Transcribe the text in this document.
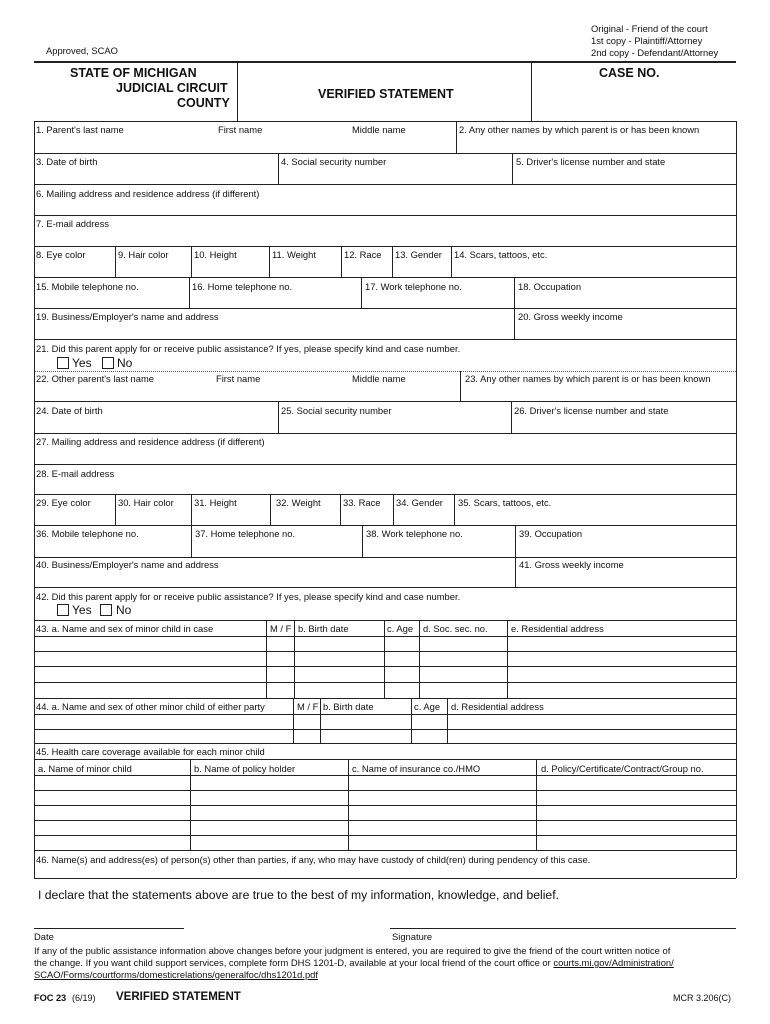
Approved, SCAO
Original - Friend of the court
1st copy - Plaintiff/Attorney
2nd copy - Defendant/Attorney
STATE OF MICHIGAN
JUDICIAL CIRCUIT
COUNTY
VERIFIED STATEMENT
CASE NO.
1. Parent's last name	First name	Middle name	2. Any other names by which parent is or has been known
3. Date of birth	4. Social security number	5. Driver's license number and state
6. Mailing address and residence address (if different)
7. E-mail address
8. Eye color	9. Hair color	10. Height	11. Weight	12. Race 13. Gender 14. Scars, tattoos, etc.
15. Mobile telephone no.	16. Home telephone no.	17. Work telephone no.	18. Occupation
19. Business/Employer's name and address	20. Gross weekly income
21. Did this parent apply for or receive public assistance? If yes, please specify kind and case number.
Yes No
22. Other parent's last name	First name	Middle name	23. Any other names by which parent is or has been known
24. Date of birth	25. Social security number	26. Driver's license number and state
27. Mailing address and residence address (if different)
28. E-mail address
29. Eye color	30. Hair color 31. Height	32. Weight 33. Race 34. Gender 35. Scars, tattoos, etc.
36. Mobile telephone no.	37. Home telephone no.	38. Work telephone no.	39. Occupation
40. Business/Employer's name and address	41. Gross weekly income
42. Did this parent apply for or receive public assistance? If yes, please specify kind and case number.
Yes No
43. a. Name and sex of minor child in case	M / F b. Birth date	c. Age d. Soc. sec. no. e. Residential address
44. a. Name and sex of other minor child of either party	M / F b. Birth date	c. Age d. Residential address
45. Health care coverage available for each minor child
a. Name of minor child	b. Name of policy holder	c. Name of insurance co./HMO	d. Policy/Certificate/Contract/Group no.
46. Name(s) and address(es) of person(s) other than parties, if any, who may have custody of child(ren) during pendency of this case.
I declare that the statements above are true to the best of my information, knowledge, and belief.
Date	Signature
If any of the public assistance information above changes before your judgment is entered, you are required to give the friend of the court written notice of
the change. If you want child support services, complete form DHS 1201-D, available at your local friend of the court office or courts.mi.gov/Administration/
SCAO/Forms/courtforms/domesticrelations/generalfoc/dhs1201d.pdf
FOC 23 (6/19) VERIFIED STATEMENT	MCR 3.206(C)
